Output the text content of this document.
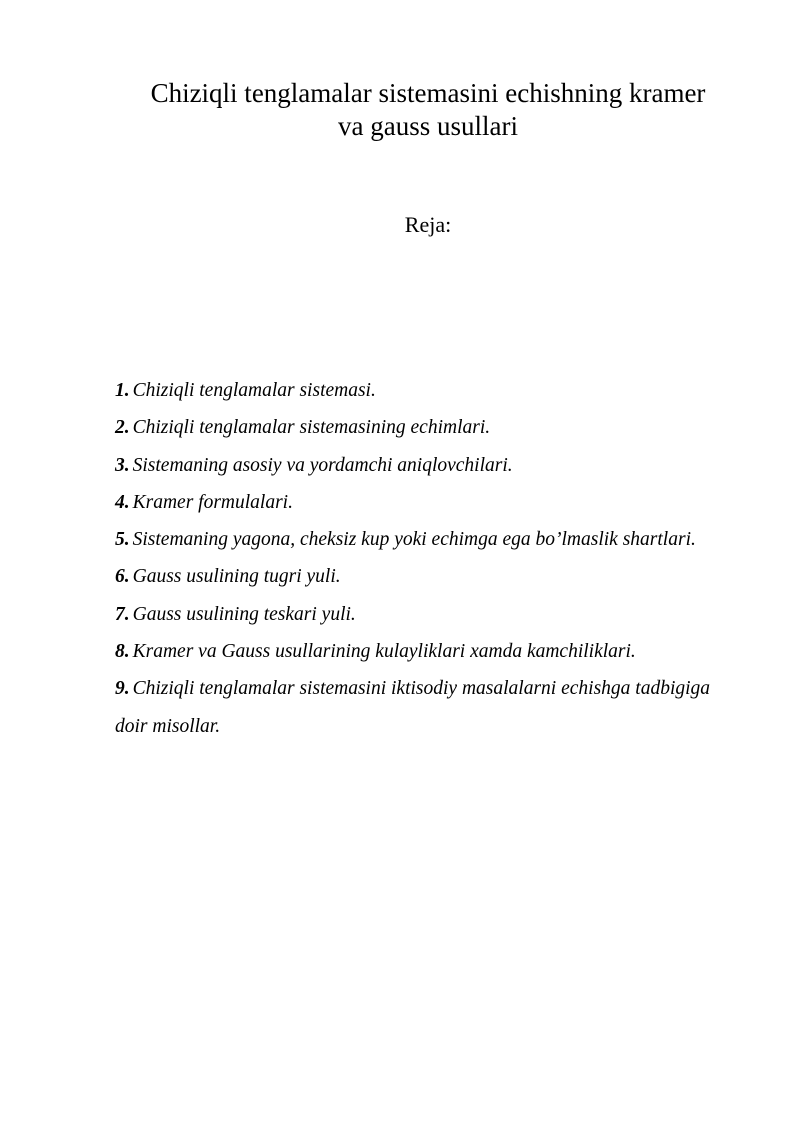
Chiziqli tenglamalar sistemasini echishning kramer
va gauss usullari
Reja:
1. Chiziqli tenglamalar sistemasi.
2. Chiziqli tenglamalar sistemasining echimlari.
3. Sistemaning asosiy va yordamchi aniqlovchilari.
4. Kramer formulalari.
5. Sistemaning yagona, cheksiz kup yoki echimga ega bo’lmaslik shartlari.
6. Gauss usulining tugri yuli.
7. Gauss usulining teskari yuli.
8. Kramer va Gauss usullarining kulayliklari xamda kamchiliklari.
9. Chiziqli tenglamalar sistemasini iktisodiy masalalarni echishga tadbigiga doir misollar.
